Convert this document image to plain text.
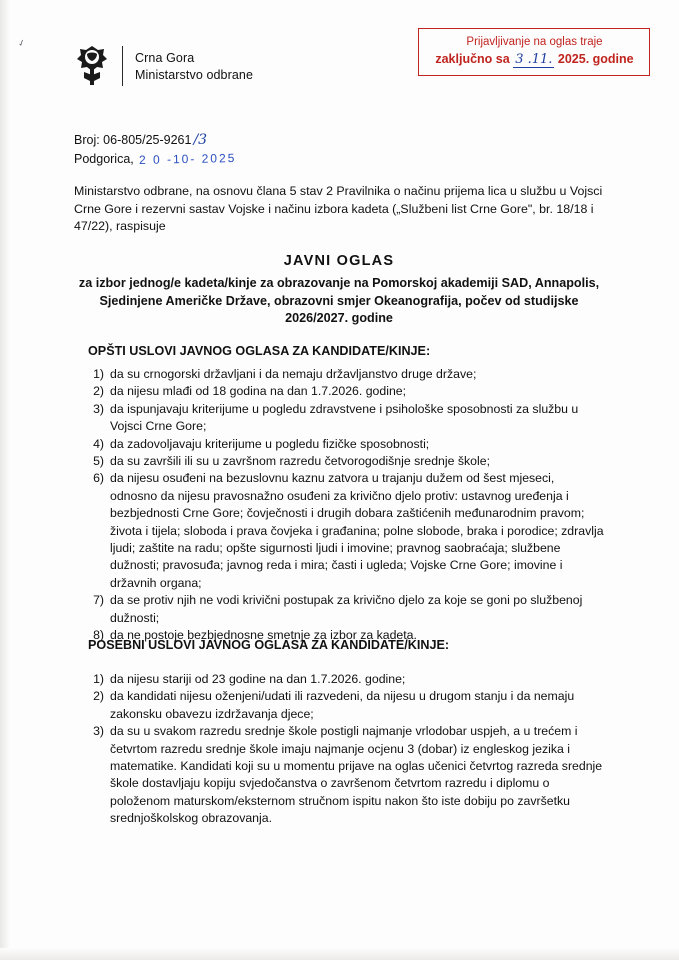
✓
Crna Gora
Ministarstvo odbrane
Prijavljivanje na oglas traje
zaključno sa 3 .11. 2025. godine
Broj: 06-805/25-9261 /3
Podgorica, 2 0 -10- 2025
Ministarstvo odbrane, na osnovu člana 5 stav 2 Pravilnika o načinu prijema lica u službu u Vojsci Crne Gore i rezervni sastav Vojske i načinu izbora kadeta („Službeni list Crne Gore", br. 18/18 i 47/22), raspisuje
JAVNI OGLAS
za izbor jednog/e kadeta/kinje za obrazovanje na Pomorskoj akademiji SAD, Annapolis, Sjedinjene Američke Države, obrazovni smjer Okeanografija, počev od studijske 2026/2027. godine
OPŠTI USLOVI JAVNOG OGLASA ZA KANDIDATE/KINJE:
1) da su crnogorski državljani i da nemaju državljanstvo druge države;
2) da nijesu mlađi od 18 godina na dan 1.7.2026. godine;
3) da ispunjavaju kriterijume u pogledu zdravstvene i psihološke sposobnosti za službu u Vojsci Crne Gore;
4) da zadovoljavaju kriterijume u pogledu fizičke sposobnosti;
5) da su završili ili su u završnom razredu četvorogodišnje srednje škole;
6) da nijesu osuđeni na bezuslovnu kaznu zatvora u trajanju dužem od šest mjeseci, odnosno da nijesu pravosnažno osuđeni za krivično djelo protiv: ustavnog uređenja i bezbjednosti Crne Gore; čovječnosti i drugih dobara zaštićenih međunarodnim pravom; života i tijela; sloboda i prava čovjeka i građanina; polne slobode, braka i porodice; zdravlja ljudi; zaštite na radu; opšte sigurnosti ljudi i imovine; pravnog saobraćaja; službene dužnosti; pravosuđa; javnog reda i mira; časti i ugleda; Vojske Crne Gore; imovine i državnih organa;
7) da se protiv njih ne vodi krivični postupak za krivično djelo za koje se goni po službenoj dužnosti;
8) da ne postoje bezbjednosne smetnje za izbor za kadeta.
POSEBNI USLOVI JAVNOG OGLASA ZA KANDIDATE/KINJE:
1) da nijesu stariji od 23 godine na dan 1.7.2026. godine;
2) da kandidati nijesu oženjeni/udati ili razvedeni, da nijesu u drugom stanju i da nemaju zakonsku obavezu izdržavanja djece;
3) da su u svakom razredu srednje škole postigli najmanje vrlodobar uspjeh, a u trećem i četvrtom razredu srednje škole imaju najmanje ocjenu 3 (dobar) iz engleskog jezika i matematike. Kandidati koji su u momentu prijave na oglas učenici četvrtog razreda srednje škole dostavljaju kopiju svjedočanstva o završenom četvrtom razredu i diplomu o položenom maturskom/eksternom stručnom ispitu nakon što iste dobiju po završetku srednjoškolskog obrazovanja.
